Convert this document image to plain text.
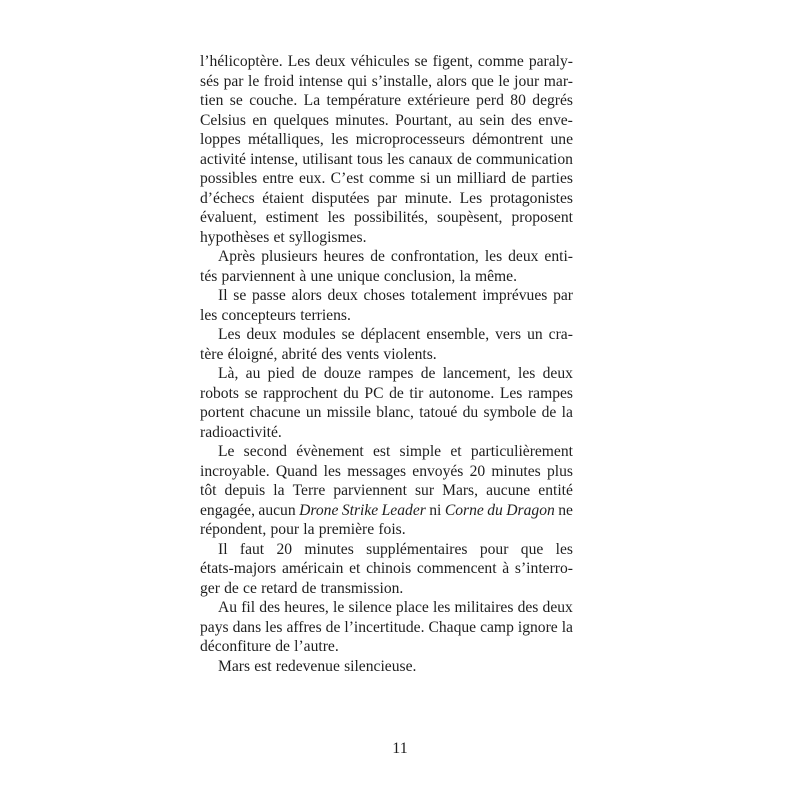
l’hélicoptère. Les deux véhicules se figent, comme paraly-
sés par le froid intense qui s’installe, alors que le jour mar-
tien se couche. La température extérieure perd 80 degrés
Celsius en quelques minutes. Pourtant, au sein des enve-
loppes métalliques, les microprocesseurs démontrent une
activité intense, utilisant tous les canaux de communication
possibles entre eux. C’est comme si un milliard de parties
d’échecs étaient disputées par minute. Les protagonistes
évaluent, estiment les possibilités, soupèsent, proposent
hypothèses et syllogismes.
Après plusieurs heures de confrontation, les deux enti-
tés parviennent à une unique conclusion, la même.
Il se passe alors deux choses totalement imprévues par
les concepteurs terriens.
Les deux modules se déplacent ensemble, vers un cra-
tère éloigné, abrité des vents violents.
Là, au pied de douze rampes de lancement, les deux
robots se rapprochent du PC de tir autonome. Les rampes
portent chacune un missile blanc, tatoué du symbole de la
radioactivité.
Le second évènement est simple et particulièrement
incroyable. Quand les messages envoyés 20 minutes plus
tôt depuis la Terre parviennent sur Mars, aucune entité
engagée, aucun Drone Strike Leader ni Corne du Dragon ne
répondent, pour la première fois.
Il faut 20 minutes supplémentaires pour que les
états-majors américain et chinois commencent à s’interro-
ger de ce retard de transmission.
Au fil des heures, le silence place les militaires des deux
pays dans les affres de l’incertitude. Chaque camp ignore la
déconfiture de l’autre.
Mars est redevenue silencieuse.
11
